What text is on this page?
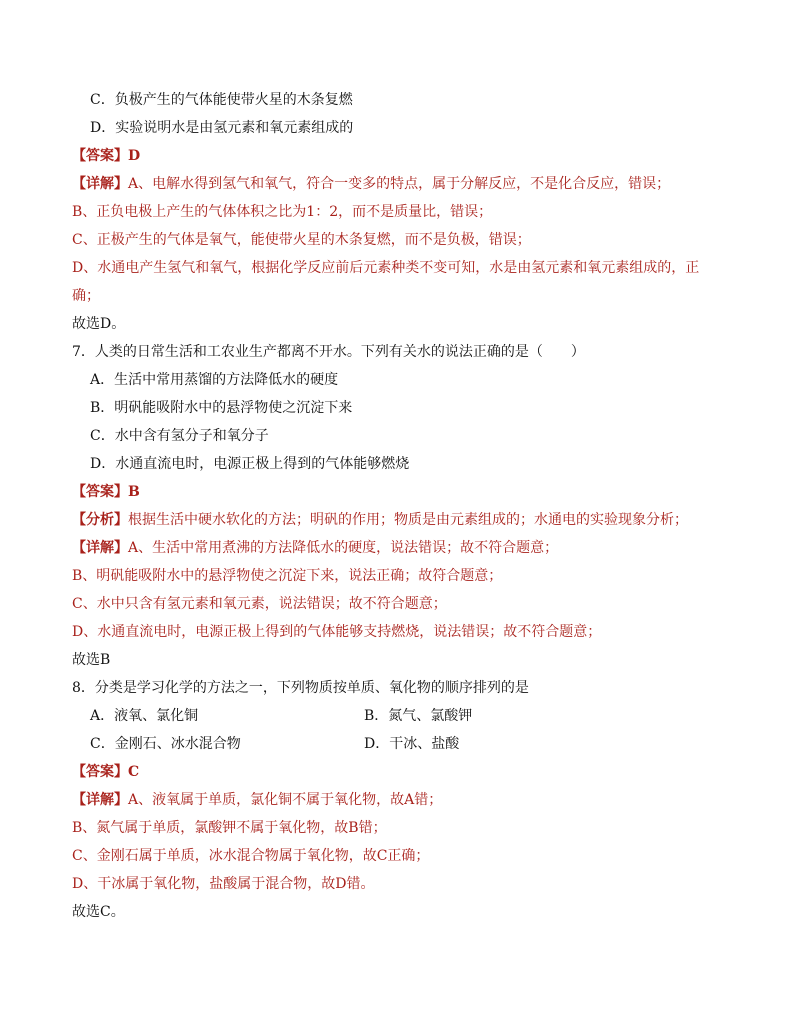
C．负极产生的气体能使带火星的木条复燃
D．实验说明水是由氢元素和氧元素组成的
【答案】D
【详解】A、电解水得到氢气和氧气，符合一变多的特点，属于分解反应，不是化合反应，错误；
B、正负电极上产生的气体体积之比为1：2，而不是质量比，错误；
C、正极产生的气体是氧气，能使带火星的木条复燃，而不是负极，错误；
D、水通电产生氢气和氧气，根据化学反应前后元素种类不变可知，水是由氢元素和氧元素组成的，正
确；
故选D。
7．人类的日常生活和工农业生产都离不开水。下列有关水的说法正确的是（　　）
A．生活中常用蒸馏的方法降低水的硬度
B．明矾能吸附水中的悬浮物使之沉淀下来
C．水中含有氢分子和氧分子
D．水通直流电时，电源正极上得到的气体能够燃烧
【答案】B
【分析】根据生活中硬水软化的方法；明矾的作用；物质是由元素组成的；水通电的实验现象分析；
【详解】A、生活中常用煮沸的方法降低水的硬度，说法错误；故不符合题意；
B、明矾能吸附水中的悬浮物使之沉淀下来，说法正确；故符合题意；
C、水中只含有氢元素和氧元素，说法错误；故不符合题意；
D、水通直流电时，电源正极上得到的气体能够支持燃烧，说法错误；故不符合题意；
故选B
8．分类是学习化学的方法之一，下列物质按单质、氧化物的顺序排列的是
A．液氧、氯化铜	B．氮气、氯酸钾
C．金刚石、冰水混合物	D．干冰、盐酸
【答案】C
【详解】A、液氧属于单质，氯化铜不属于氧化物，故A错；
B、氮气属于单质，氯酸钾不属于氧化物，故B错；
C、金刚石属于单质，冰水混合物属于氧化物，故C正确；
D、干冰属于氧化物，盐酸属于混合物，故D错。
故选C。
